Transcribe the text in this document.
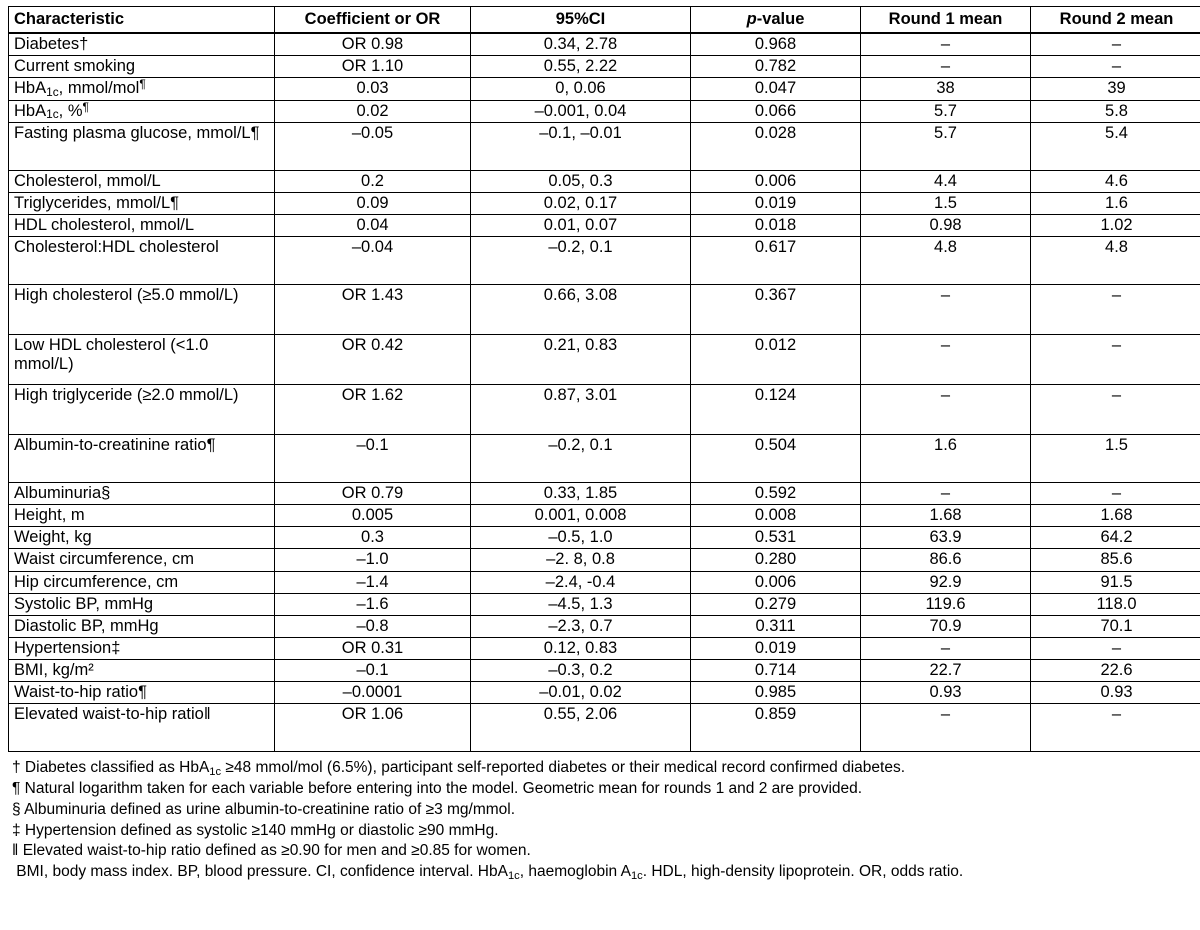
Characteristic	Coefficient or OR	95%CI	p-value	Round 1 mean	Round 2 mean
Diabetes†	OR 0.98	0.34, 2.78	0.968	–	–
Current smoking	OR 1.10	0.55, 2.22	0.782	–	–
HbA$_{1c}$, mmol/mol¶	0.03	0, 0.06	0.047	38	39
HbA$_{1c}$, %¶	0.02	–0.001, 0.04	0.066	5.7	5.8
Fasting plasma glucose, mmol/L¶	–0.05	–0.1, –0.01	0.028	5.7	5.4
Cholesterol, mmol/L	0.2	0.05, 0.3	0.006	4.4	4.6
Triglycerides, mmol/L¶	0.09	0.02, 0.17	0.019	1.5	1.6
HDL cholesterol, mmol/L	0.04	0.01, 0.07	0.018	0.98	1.02
Cholesterol:HDL cholesterol	–0.04	–0.2, 0.1	0.617	4.8	4.8
High cholesterol (≥5.0 mmol/L)	OR 1.43	0.66, 3.08	0.367	–	–
Low HDL cholesterol (<1.0 mmol/L)	OR 0.42	0.21, 0.83	0.012	–	–
High triglyceride (≥2.0 mmol/L)	OR 1.62	0.87, 3.01	0.124	–	–
Albumin-to-creatinine ratio¶	–0.1	–0.2, 0.1	0.504	1.6	1.5
Albuminuria§	OR 0.79	0.33, 1.85	0.592	–	–
Height, m	0.005	0.001, 0.008	0.008	1.68	1.68
Weight, kg	0.3	–0.5, 1.0	0.531	63.9	64.2
Waist circumference, cm	–1.0	–2. 8, 0.8	0.280	86.6	85.6
Hip circumference, cm	–1.4	–2.4, -0.4	0.006	92.9	91.5
Systolic BP, mmHg	–1.6	–4.5, 1.3	0.279	119.6	118.0
Diastolic BP, mmHg	–0.8	–2.3, 0.7	0.311	70.9	70.1
Hypertension‡	OR 0.31	0.12, 0.83	0.019	–	–
BMI, kg/m²	–0.1	–0.3, 0.2	0.714	22.7	22.6
Waist-to-hip ratio¶	–0.0001	–0.01, 0.02	0.985	0.93	0.93
Elevated waist-to-hip ratio‖	OR 1.06	0.55, 2.06	0.859	–	–
† Diabetes classified as HbA$_{1c}$ ≥48 mmol/mol (6.5%), participant self-reported diabetes or their medical record confirmed diabetes.
¶ Natural logarithm taken for each variable before entering into the model. Geometric mean for rounds 1 and 2 are provided.
§ Albuminuria defined as urine albumin-to-creatinine ratio of ≥3 mg/mmol.
‡ Hypertension defined as systolic ≥140 mmHg or diastolic ≥90 mmHg.
‖ Elevated waist-to-hip ratio defined as ≥0.90 for men and ≥0.85 for women.
BMI, body mass index. BP, blood pressure. CI, confidence interval. HbA$_{1c}$, haemoglobin $A_{1c}$. HDL, high-density lipoprotein. OR, odds ratio.
